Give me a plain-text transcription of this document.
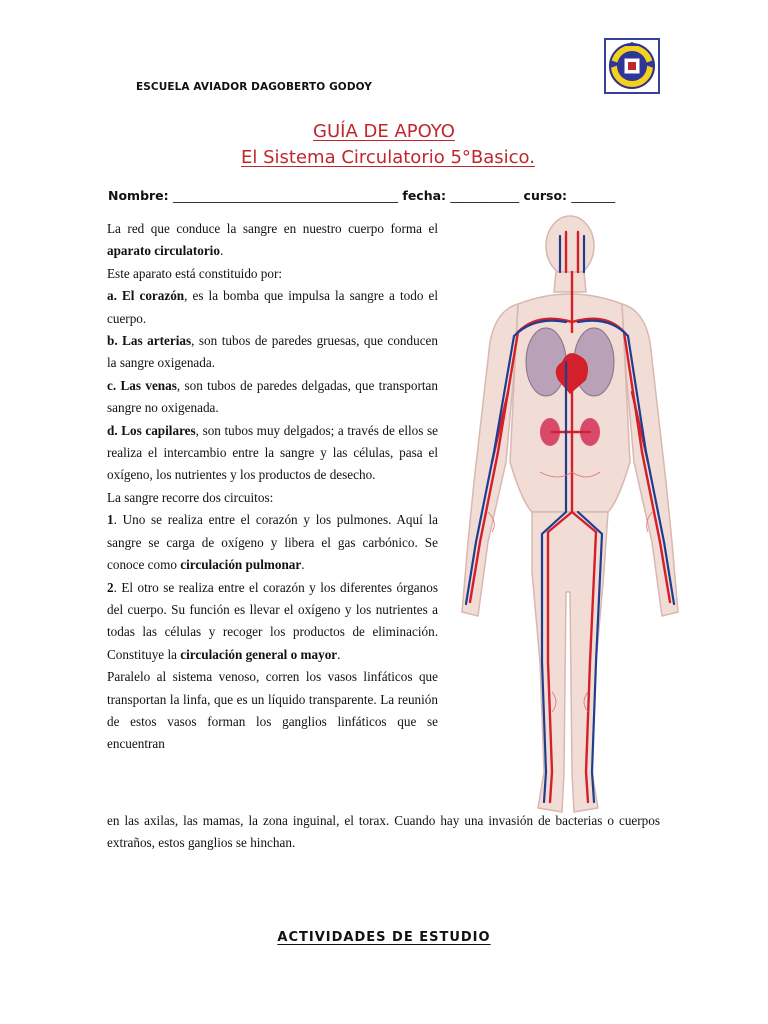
ESCUELA AVIADOR DAGOBERTO GODOY
GUÍA DE APOYO
El Sistema Circulatorio 5°Basico.
Nombre: ____________________________________ fecha: ___________ curso: _______

La red que conduce la sangre en nuestro cuerpo forma el aparato circulatorio.

Este aparato está constituido por:

a. El corazón, es la bomba que impulsa la sangre a todo el cuerpo.

b. Las arterias, son tubos de paredes gruesas, que conducen la sangre oxigenada.

c. Las venas, son tubos de paredes delgadas, que transportan sangre no oxigenada.

d. Los capilares, son tubos muy delgados; a través de ellos se realiza el intercambio entre la sangre y las células, pasa el oxígeno, los nutrientes y los productos de desecho.

La sangre recorre dos circuitos:

1. Uno se realiza entre el corazón y los pulmones. Aquí la sangre se carga de oxígeno y libera el gas carbónico. Se conoce como circulación pulmonar.

2. El otro se realiza entre el corazón y los diferentes órganos del cuerpo. Su función es llevar el oxígeno y los nutrientes a todas las células y recoger los productos de eliminación. Constituye la circulación general o mayor.

Paralelo al sistema venoso, corren los vasos linfáticos que transportan la linfa, que es un líquido transparente. La reunión de estos vasos forman los ganglios linfáticos que se encuentran

en las axilas, las mamas, la zona inguinal, el torax. Cuando hay una invasión de bacterias o cuerpos extraños, estos ganglios se hinchan.

ACTIVIDADES DE ESTUDIO
